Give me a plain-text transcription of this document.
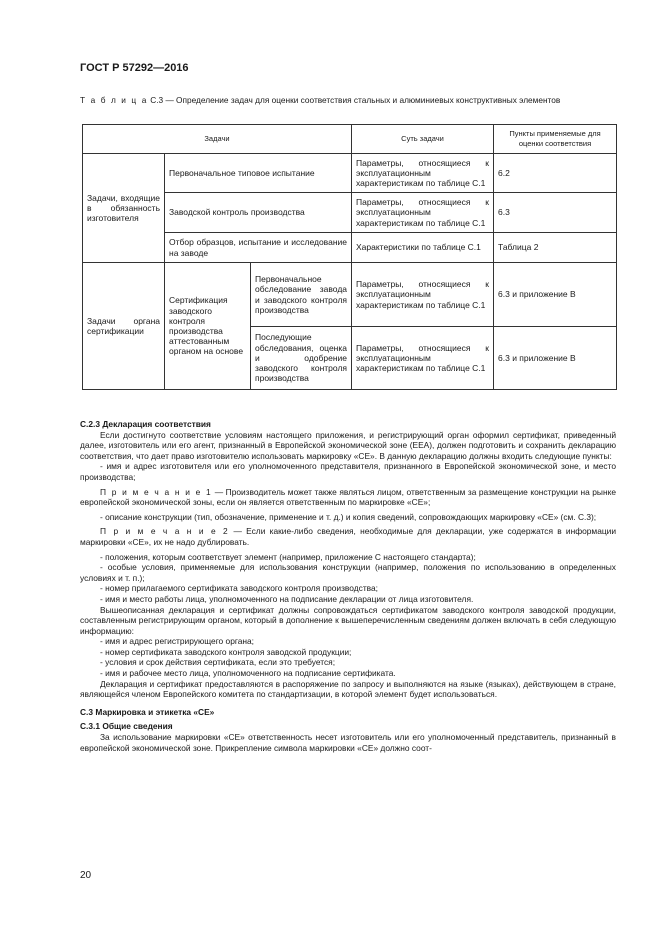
ГОСТ Р 57292—2016
Т а б л и ц а С.3 — Определение задач для оценки соответствия стальных и алюминиевых конструктивных элементов
Задачи			Суть задачи	Пункты применяемые для оценки соответствия
Задачи, входящие в обязанность изготовителя	Первоначальное типовое испытание		Параметры, относящиеся к эксплуатационным характеристикам по таблице С.1	6.2
	Заводской контроль производства		Параметры, относящиеся к эксплуатационным характеристикам по таблице С.1	6.3
	Отбор образцов, испытание и исследование на заводе		Характеристики по таблице С.1	Таблица 2
Задачи органа сертификации	Сертификация заводского контроля производства аттестованным органом на основе	Первоначальное обследование завода и заводского контроля производства	Параметры, относящиеся к эксплуатационным характеристикам по таблице С.1	6.3 и приложение В
		Последующие обследования, оценка и одобрение заводского контроля производства	Параметры, относящиеся к эксплуатационным характеристикам по таблице С.1	6.3 и приложение В

С.2.3 Декларация соответствия

Если достигнуто соответствие условиям настоящего приложения, и регистрирующий орган оформил сертификат, приведенный далее, изготовитель или его агент, признанный в Европейской экономической зоне (ЕЕА), должен подготовить и сохранить декларацию соответствия, что дает право изготовителю использовать маркировку «СЕ». В данную декларацию должны входить следующие пункты:

- имя и адрес изготовителя или его уполномоченного представителя, признанного в Европейской экономической зоне, и место производства;

П р и м е ч а н и е 1 — Производитель может также являться лицом, ответственным за размещение конструкции на рынке европейской экономической зоны, если он является ответственным по маркировке «СЕ»;

- описание конструкции (тип, обозначение, применение и т. д.) и копия сведений, сопровождающих маркировку «СЕ» (см. С.3);

П р и м е ч а н и е 2 — Если какие-либо сведения, необходимые для декларации, уже содержатся в информации маркировки «СЕ», их не надо дублировать.

- положения, которым соответствует элемент (например, приложение С настоящего стандарта);

- особые условия, применяемые для использования конструкции (например, положения по использованию в определенных условиях и т. п.);

- номер прилагаемого сертификата заводского контроля производства;

- имя и место работы лица, уполномоченного на подписание декларации от лица изготовителя.

Вышеописанная декларация и сертификат должны сопровождаться сертификатом заводского контроля заводской продукции, составленным регистрирующим органом, который в дополнение к вышеперечисленным сведениям должен включать в себя следующую информацию:

- имя и адрес регистрирующего органа;

- номер сертификата заводского контроля заводской продукции;

- условия и срок действия сертификата, если это требуется;

- имя и рабочее место лица, уполномоченного на подписание сертификата.

Декларация и сертификат предоставляются в распоряжение по запросу и выполняются на языке (языках), действующем в стране, являющейся членом Европейского комитета по стандартизации, в которой элемент будет использоваться.

С.3 Маркировка и этикетка «СЕ»

С.3.1 Общие сведения

За использование маркировки «СЕ» ответственность несет изготовитель или его уполномоченный представитель, признанный в европейской экономической зоне. Прикрепление символа маркировки «СЕ» должно соот-

20
